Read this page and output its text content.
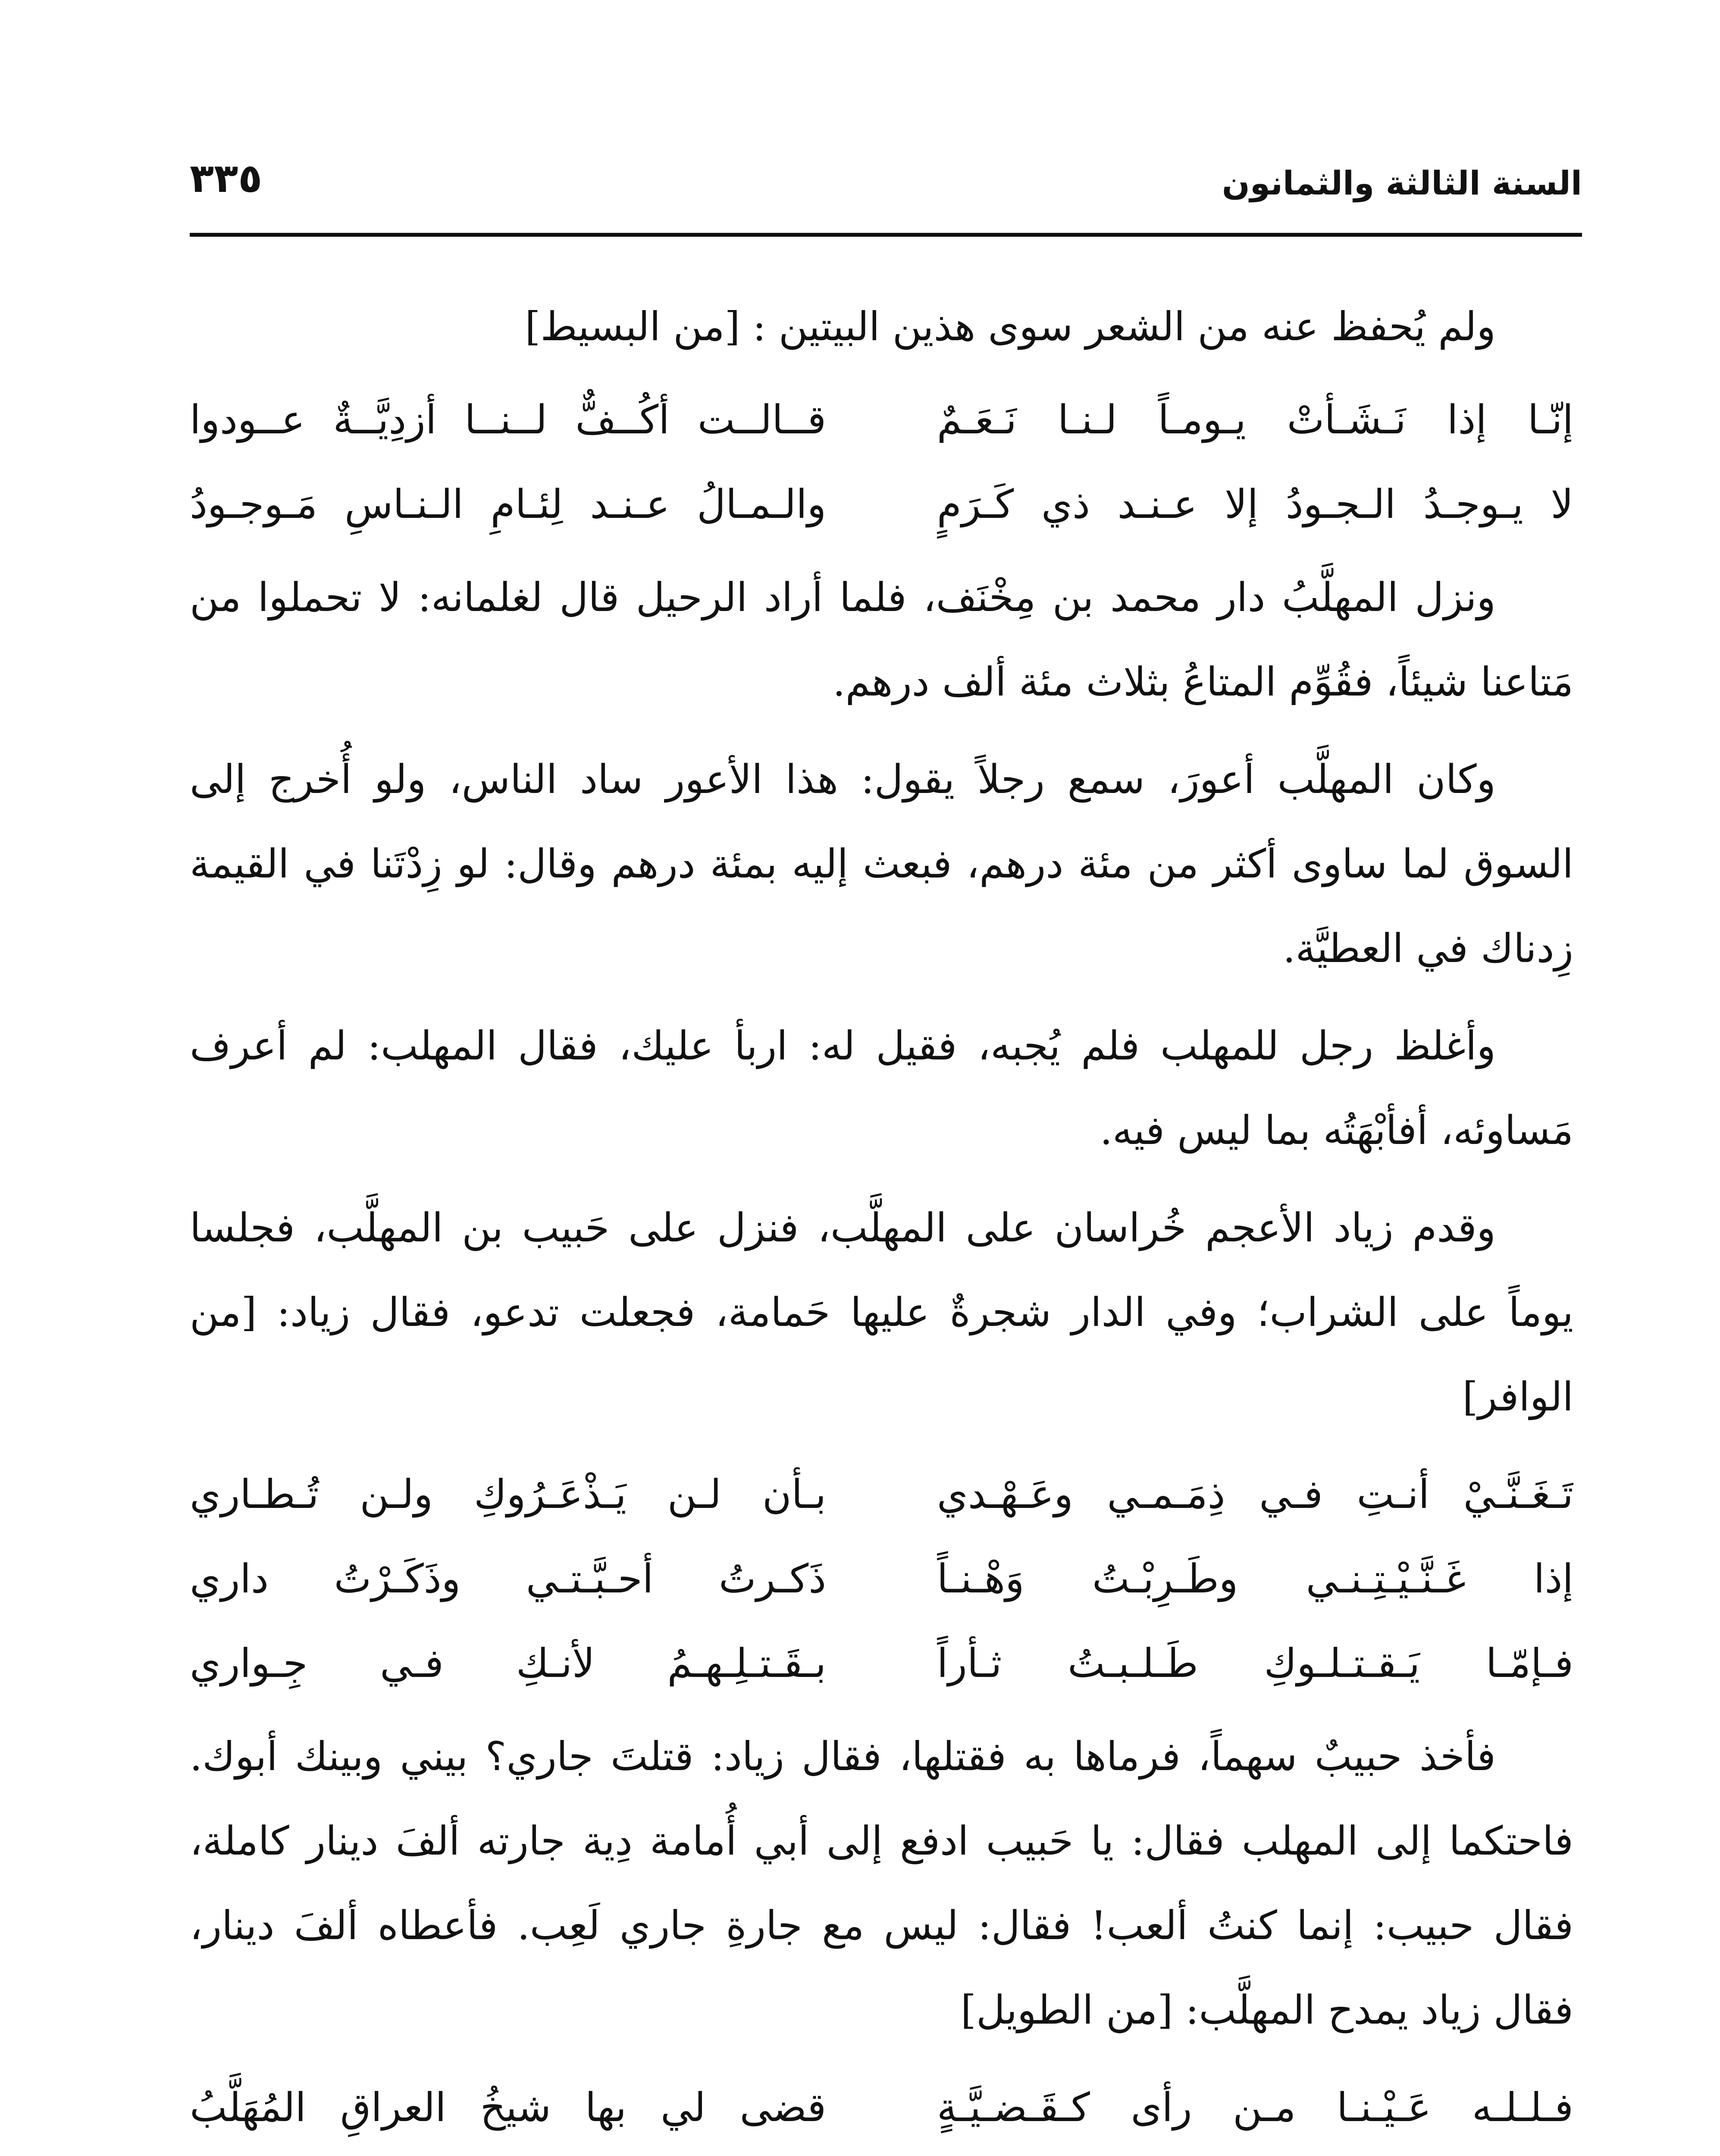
السنة الثالثة والثمانون
٣٣٥

ولم يُحفظ عنه من الشعر سوى هذين البيتين : [من البسيط]

إنّـا إذا نَـشَـأتْ يـومـاً لـنـا نَـعَـمٌ
قــالــت أكُــفٌّ لــنــا أزدِيَّــةٌ عــودوا
لا يـوجـدُ الـجـودُ إلا عـنـد ذي كَـرَمٍ
والـمـالُ عـنـد لِئـامِ الـنـاسِ مَـوجـودُ

ونزل المهلَّبُ دار محمد بن مِخْنَف، فلما أراد الرحيل قال لغلمانه: لا تحملوا من مَتاعنا شيئاً، فقُوِّم المتاعُ بثلاث مئة ألف درهم.

وكان المهلَّب أعورَ، سمع رجلاً يقول: هذا الأعور ساد الناس، ولو أُخرج إلى السوق لما ساوى أكثر من مئة درهم، فبعث إليه بمئة درهم وقال: لو زِدْتَنا في القيمة زِدناك في العطيَّة.

وأغلظ رجل للمهلب فلم يُجبه، فقيل له: اربأ عليك، فقال المهلب: لم أعرف مَساوئه، أفأبْهَتُه بما ليس فيه.

وقدم زياد الأعجم خُراسان على المهلَّب، فنزل على حَبيب بن المهلَّب، فجلسا يوماً على الشراب؛ وفي الدار شجرةٌ عليها حَمامة، فجعلت تدعو، فقال زياد: [من الوافر]

تَـغَـنَّـيْ أنـتِ فـي ذِمَـمـي وعَـهْـدي
بـأن لـن يَـذْعَـرُوكِ ولـن تُـطـاري
إذا غَـنَّـيْـتِـنـي وطَـرِبْـتُ وَهْـنـاً
ذَكـرتُ أحـبَّـتـي وذَكَـرْتُ داري
فـإمّـا يَـقـتـلـوكِ طَـلـبـتُ ثـأراً
بـقَـتـلِـهـمُ لأنـكِ فـي جِـواري

فأخذ حبيبٌ سهماً، فرماها به فقتلها، فقال زياد: قتلتَ جاري؟ بيني وبينك أبوك. فاحتكما إلى المهلب فقال: يا حَبيب ادفع إلى أبي أُمامة دِية جارته ألفَ دينار كاملة، فقال حبيب: إنما كنتُ ألعب! فقال: ليس مع جارةِ جاري لَعِب. فأعطاه ألفَ دينار، فقال زياد يمدح المهلَّب: [من الطويل]

فـلـلـه عَـيْـنـا مـن رأى كـقَـضـيَّـةٍ
قضى لي بها شيخُ العراقِ المُهَلَّبُ
